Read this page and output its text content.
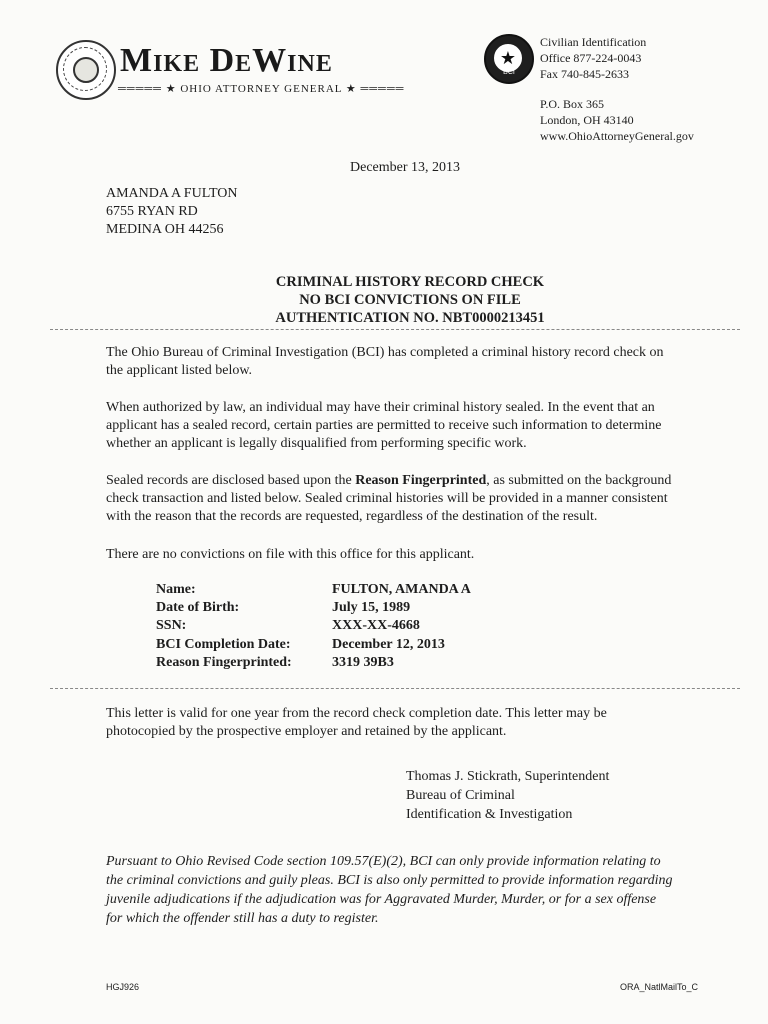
Mike DeWine
═════ ★ OHIO ATTORNEY GENERAL ★ ═════
★
BCI
Civilian Identification
Office 877-224-0043
Fax 740-845-2633
P.O. Box 365
London, OH 43140
www.OhioAttorneyGeneral.gov
December 13, 2013
AMANDA A FULTON
6755 RYAN RD
MEDINA OH 44256
CRIMINAL HISTORY RECORD CHECK
NO BCI CONVICTIONS ON FILE
AUTHENTICATION NO. NBT0000213451
The Ohio Bureau of Criminal Investigation (BCI) has completed a criminal history record check on
the applicant listed below.
When authorized by law, an individual may have their criminal history sealed. In the event that an
applicant has a sealed record, certain parties are permitted to receive such information to determine
whether an applicant is legally disqualified from performing specific work.
Sealed records are disclosed based upon the Reason Fingerprinted, as submitted on the background
check transaction and listed below. Sealed criminal histories will be provided in a manner consistent
with the reason that the records are requested, regardless of the destination of the result.
There are no convictions on file with this office for this applicant.
Name:	FULTON, AMANDA A
Date of Birth:	July 15, 1989
SSN:	XXX-XX-4668
BCI Completion Date:	December 12, 2013
Reason Fingerprinted:	3319 39B3
This letter is valid for one year from the record check completion date. This letter may be
photocopied by the prospective employer and retained by the applicant.
Thomas J. Stickrath, Superintendent
Bureau of Criminal
Identification & Investigation
Pursuant to Ohio Revised Code section 109.57(E)(2), BCI can only provide information relating to
the criminal convictions and guily pleas. BCI is also only permitted to provide information regarding
juvenile adjudications if the adjudication was for Aggravated Murder, Murder, or for a sex offense
for which the offender still has a duty to register.
HGJ926	ORA_NatlMailTo_C
